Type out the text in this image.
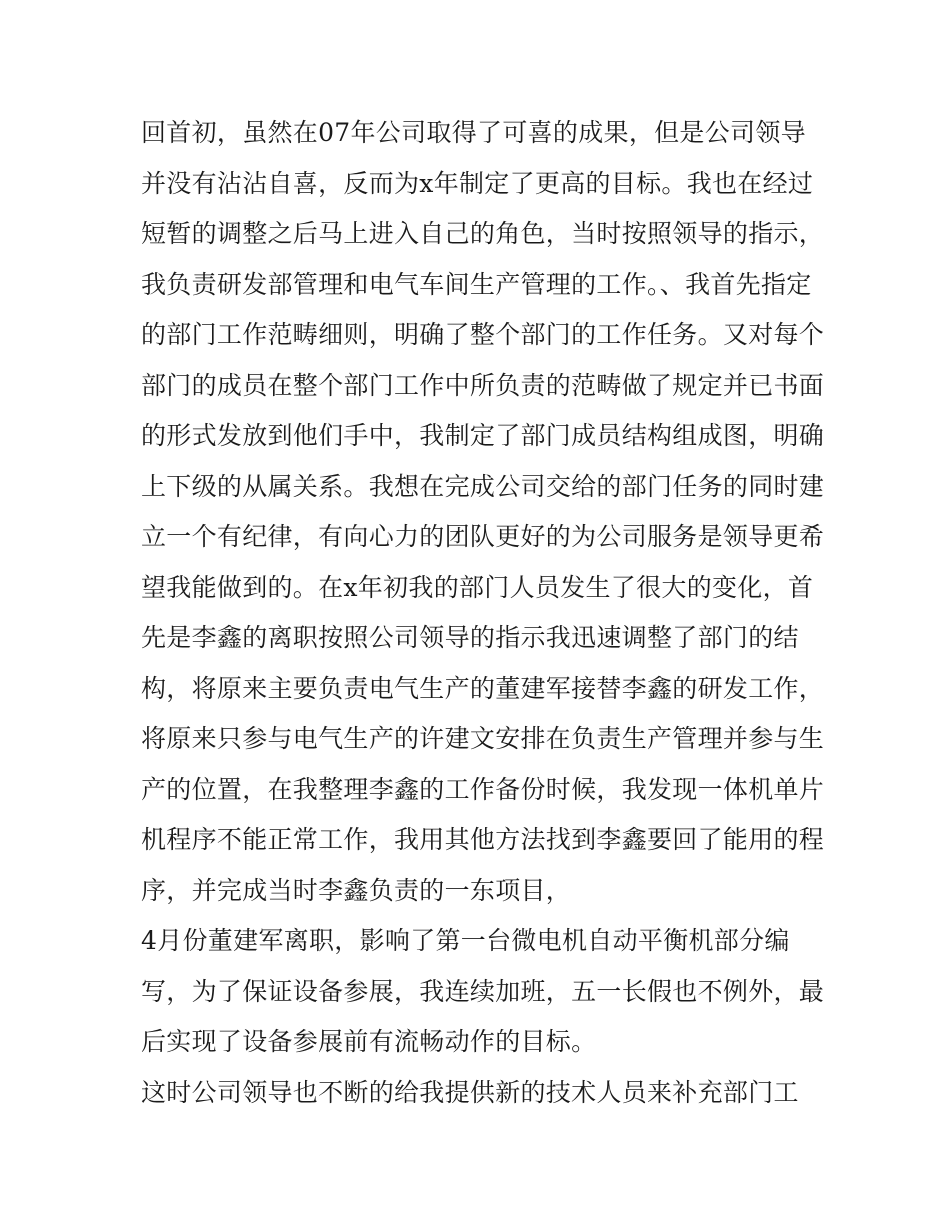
回首初，虽然在07年公司取得了可喜的成果，但是公司领导
并没有沾沾自喜，反而为x年制定了更高的目标。我也在经过
短暂的调整之后马上进入自己的角色，当时按照领导的指示，
我负责研发部管理和电气车间生产管理的工作。、我首先指定
的部门工作范畴细则，明确了整个部门的工作任务。又对每个
部门的成员在整个部门工作中所负责的范畴做了规定并已书面
的形式发放到他们手中，我制定了部门成员结构组成图，明确
上下级的从属关系。我想在完成公司交给的部门任务的同时建
立一个有纪律，有向心力的团队更好的为公司服务是领导更希
望我能做到的。在x年初我的部门人员发生了很大的变化，首
先是李鑫的离职按照公司领导的指示我迅速调整了部门的结
构，将原来主要负责电气生产的董建军接替李鑫的研发工作，
将原来只参与电气生产的许建文安排在负责生产管理并参与生
产的位置，在我整理李鑫的工作备份时候，我发现一体机单片
机程序不能正常工作，我用其他方法找到李鑫要回了能用的程
序，并完成当时李鑫负责的一东项目，
4月份董建军离职，影响了第一台微电机自动平衡机部分编
写，为了保证设备参展，我连续加班，五一长假也不例外，最
后实现了设备参展前有流畅动作的目标。
这时公司领导也不断的给我提供新的技术人员来补充部门工
